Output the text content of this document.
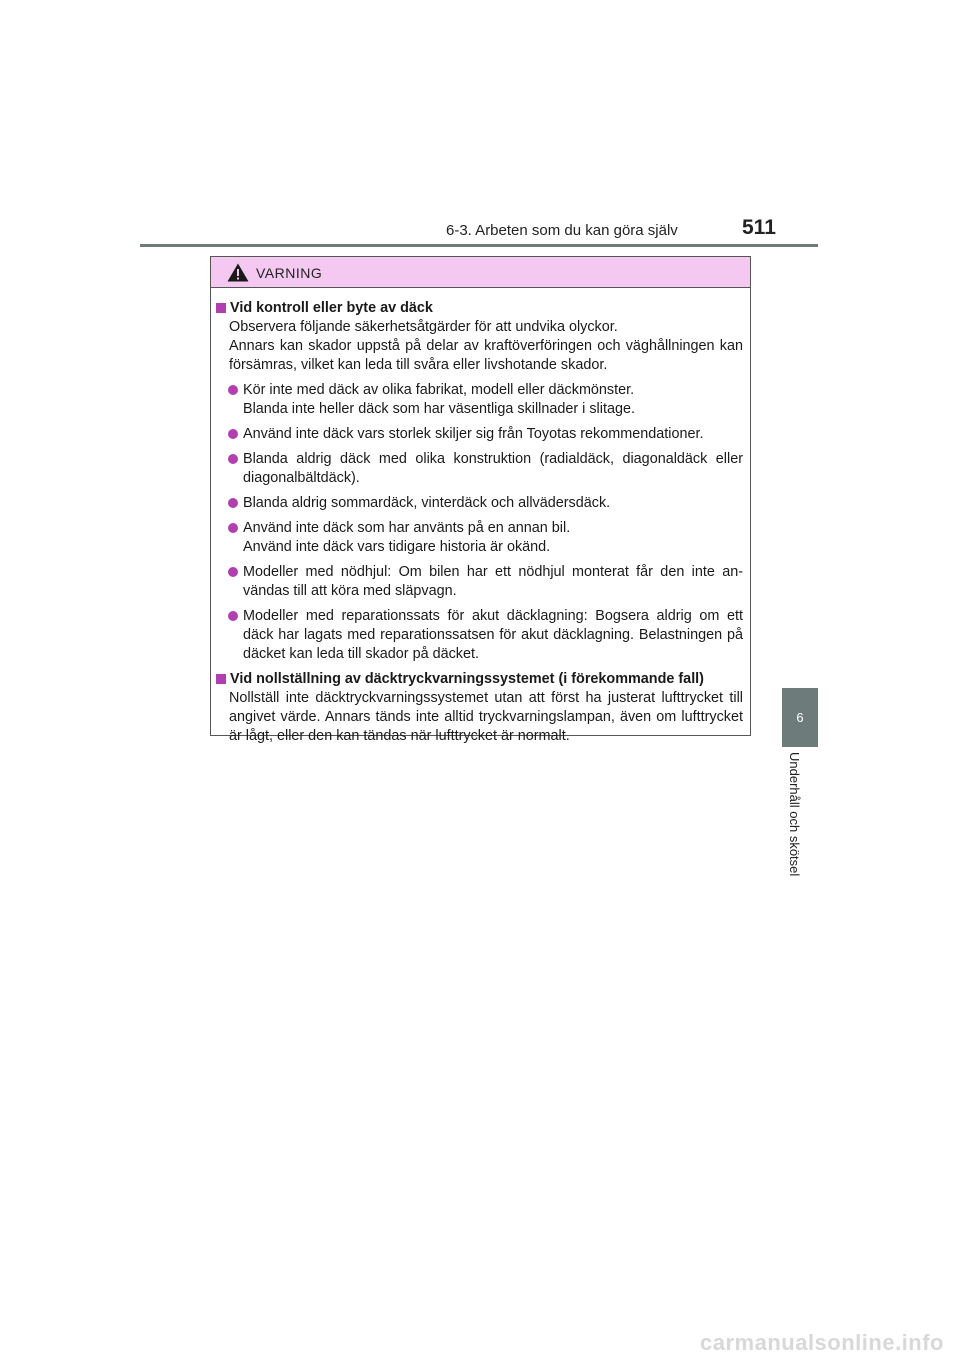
6-3. Arbeten som du kan göra själv	511
6
Underhåll och skötsel
VARNING
Vid kontroll eller byte av däck
Observera följande säkerhetsåtgärder för att undvika olyckor.
Annars kan skador uppstå på delar av kraftöverföringen och väghållningen kan försämras, vilket kan leda till svåra eller livshotande skador.
Kör inte med däck av olika fabrikat, modell eller däckmönster.
Blanda inte heller däck som har väsentliga skillnader i slitage.
Använd inte däck vars storlek skiljer sig från Toyotas rekommendationer.
Blanda aldrig däck med olika konstruktion (radialdäck, diagonaldäck eller diagonalbältdäck).
Blanda aldrig sommardäck, vinterdäck och allvädersdäck.
Använd inte däck som har använts på en annan bil.
Använd inte däck vars tidigare historia är okänd.
Modeller med nödhjul: Om bilen har ett nödhjul monterat får den inte an-vändas till att köra med släpvagn.
Modeller med reparationssats för akut däcklagning: Bogsera aldrig om ett däck har lagats med reparationssatsen för akut däcklagning. Belastningen på däcket kan leda till skador på däcket.
Vid nollställning av däcktryckvarningssystemet (i förekommande fall)
Nollställ inte däcktryckvarningssystemet utan att först ha justerat lufttrycket till angivet värde. Annars tänds inte alltid tryckvarningslampan, även om lufttrycket är lågt, eller den kan tändas när lufttrycket är normalt.
carmanualsonline.info
